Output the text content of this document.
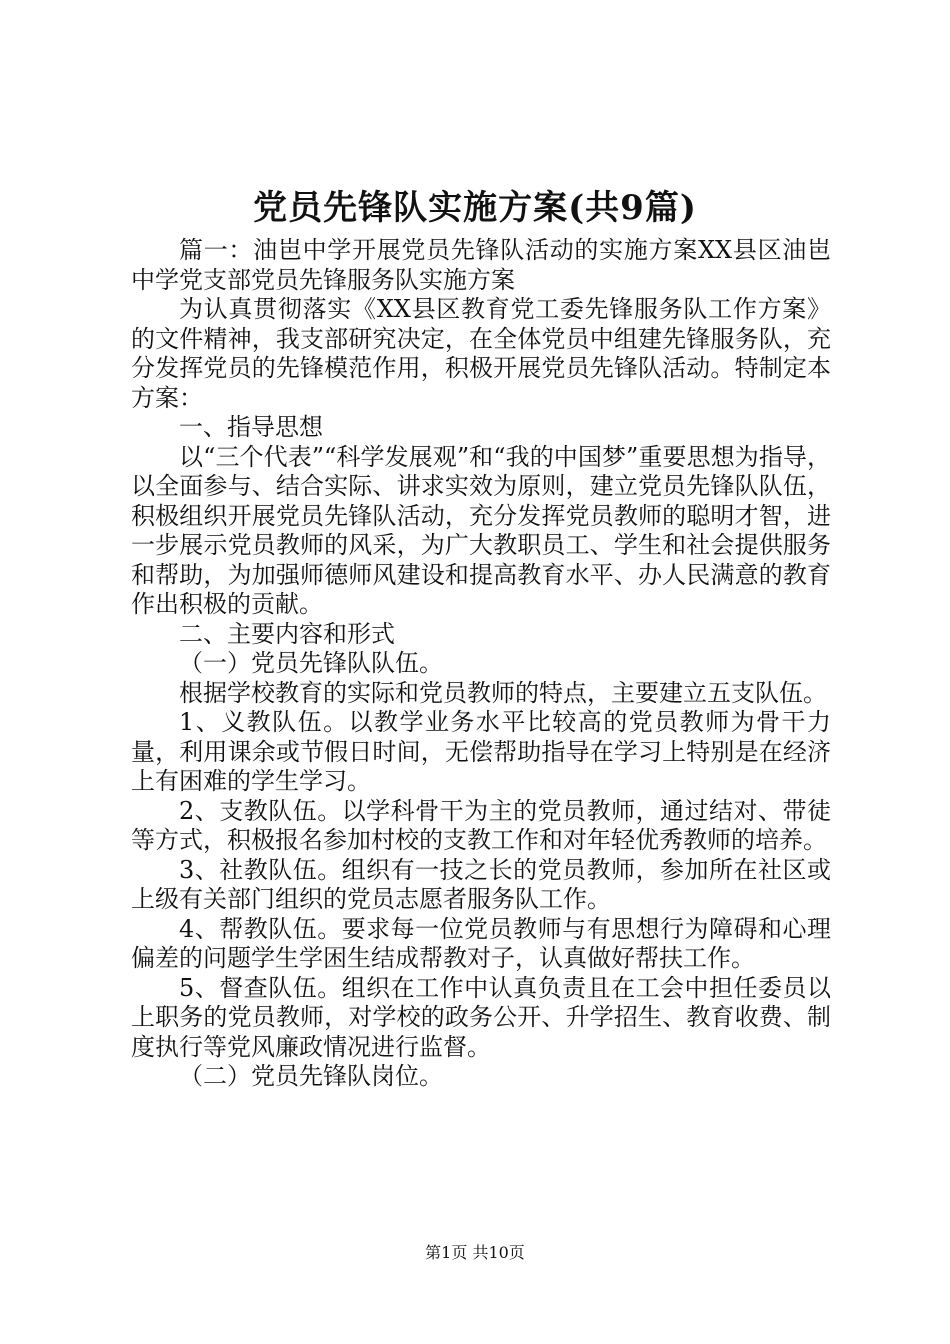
党员先锋队实施方案(共9篇)

篇一：油岜中学开展党员先锋队活动的实施方案XX县区油岜中学党支部党员先锋服务队实施方案

为认真贯彻落实《XX县区教育党工委先锋服务队工作方案》的文件精神，我支部研究决定，在全体党员中组建先锋服务队，充分发挥党员的先锋模范作用，积极开展党员先锋队活动。特制定本方案：

一、指导思想

以“三个代表”“科学发展观”和“我的中国梦”重要思想为指导，以全面参与、结合实际、讲求实效为原则，建立党员先锋队队伍，积极组织开展党员先锋队活动，充分发挥党员教师的聪明才智，进一步展示党员教师的风采，为广大教职员工、学生和社会提供服务和帮助，为加强师德师风建设和提高教育水平、办人民满意的教育作出积极的贡献。

二、主要内容和形式

（一）党员先锋队队伍。

根据学校教育的实际和党员教师的特点，主要建立五支队伍。

1、义教队伍。以教学业务水平比较高的党员教师为骨干力量，利用课余或节假日时间，无偿帮助指导在学习上特别是在经济上有困难的学生学习。

2、支教队伍。以学科骨干为主的党员教师，通过结对、带徒等方式，积极报名参加村校的支教工作和对年轻优秀教师的培养。

3、社教队伍。组织有一技之长的党员教师，参加所在社区或上级有关部门组织的党员志愿者服务队工作。

4、帮教队伍。要求每一位党员教师与有思想行为障碍和心理偏差的问题学生学困生结成帮教对子，认真做好帮扶工作。

5、督查队伍。组织在工作中认真负责且在工会中担任委员以上职务的党员教师，对学校的政务公开、升学招生、教育收费、制度执行等党风廉政情况进行监督。

（二）党员先锋队岗位。

第1页 共10页
